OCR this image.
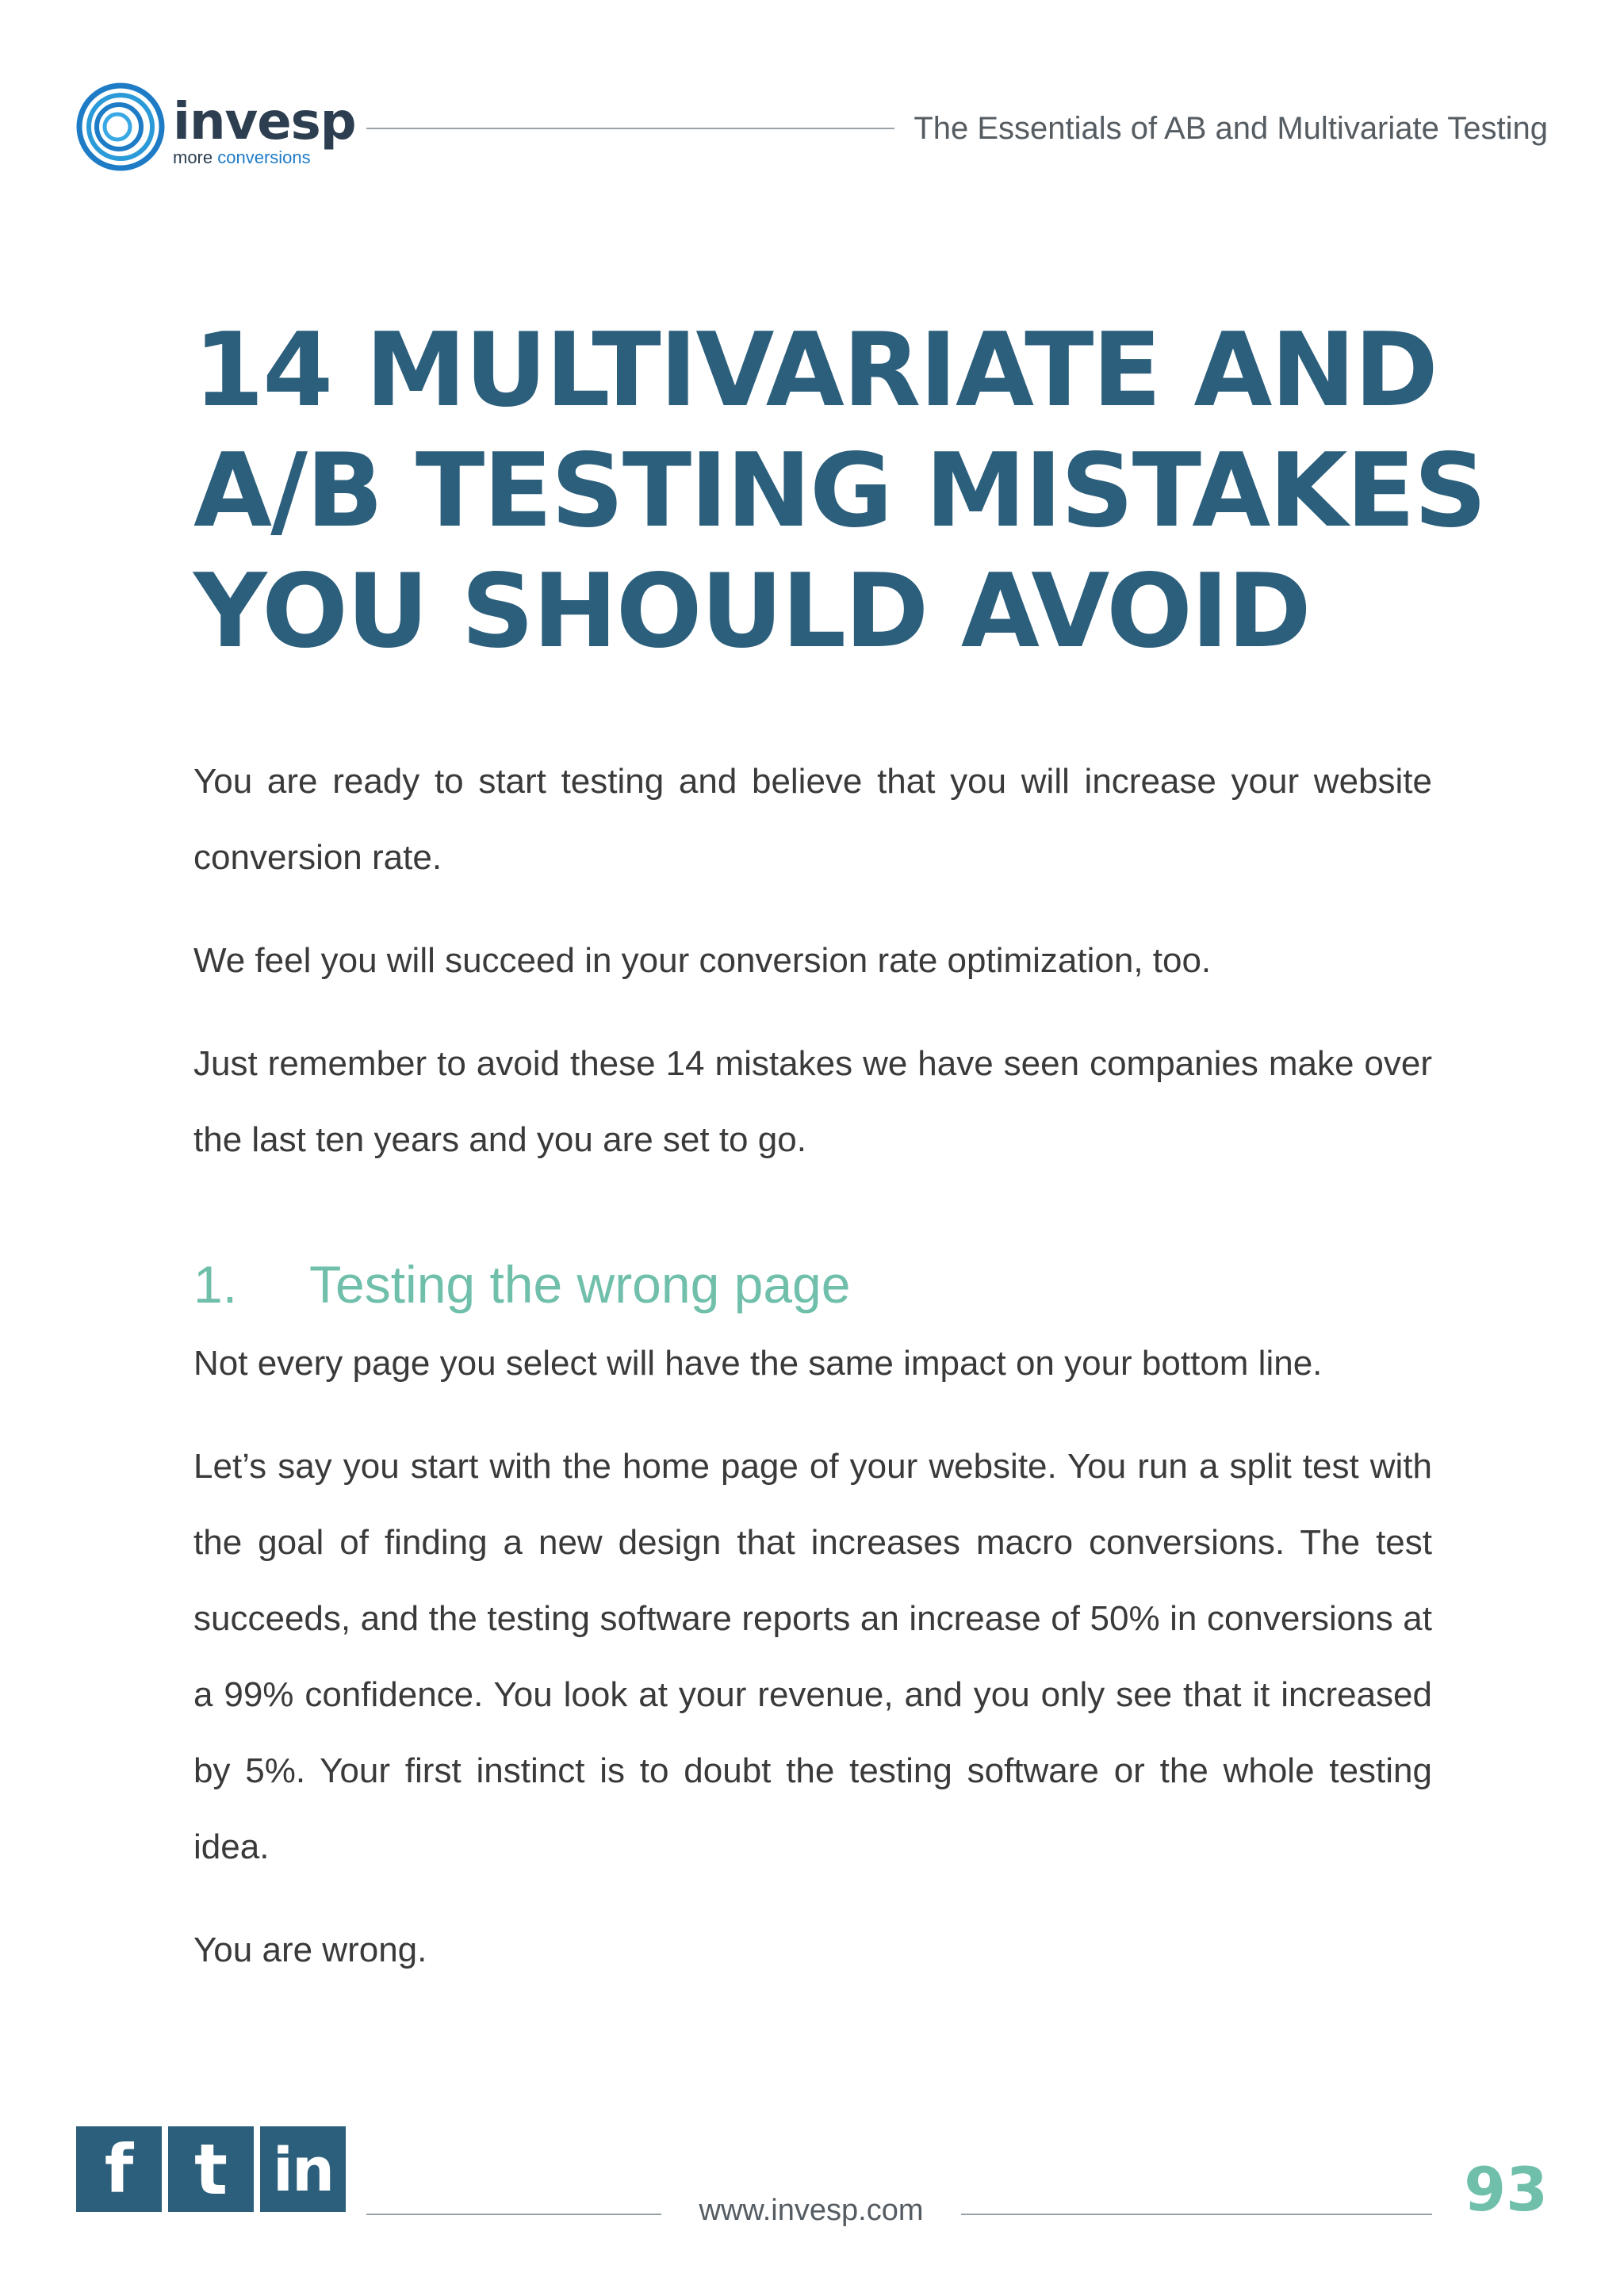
invesp
more conversions
The Essentials of AB and Multivariate Testing
14 MULTIVARIATE AND
A/B TESTING MISTAKES
YOU SHOULD AVOID

You are ready to start testing and believe that you will increase your website conversion rate.

We feel you will succeed in your conversion rate optimization, too.

Just remember to avoid these 14 mistakes we have seen companies make over the last ten years and you are set to go.

1.	Testing the wrong page

Not every page you select will have the same impact on your bottom line.

Let’s say you start with the home page of your website. You run a split test with the goal of finding a new design that increases macro conversions. The test succeeds, and the testing software reports an increase of 50% in conversions at a 99% confidence. You look at your revenue, and you only see that it increased by 5%. Your first instinct is to doubt the testing software or the whole testing idea.

You are wrong.

f t in
www.invesp.com	93
